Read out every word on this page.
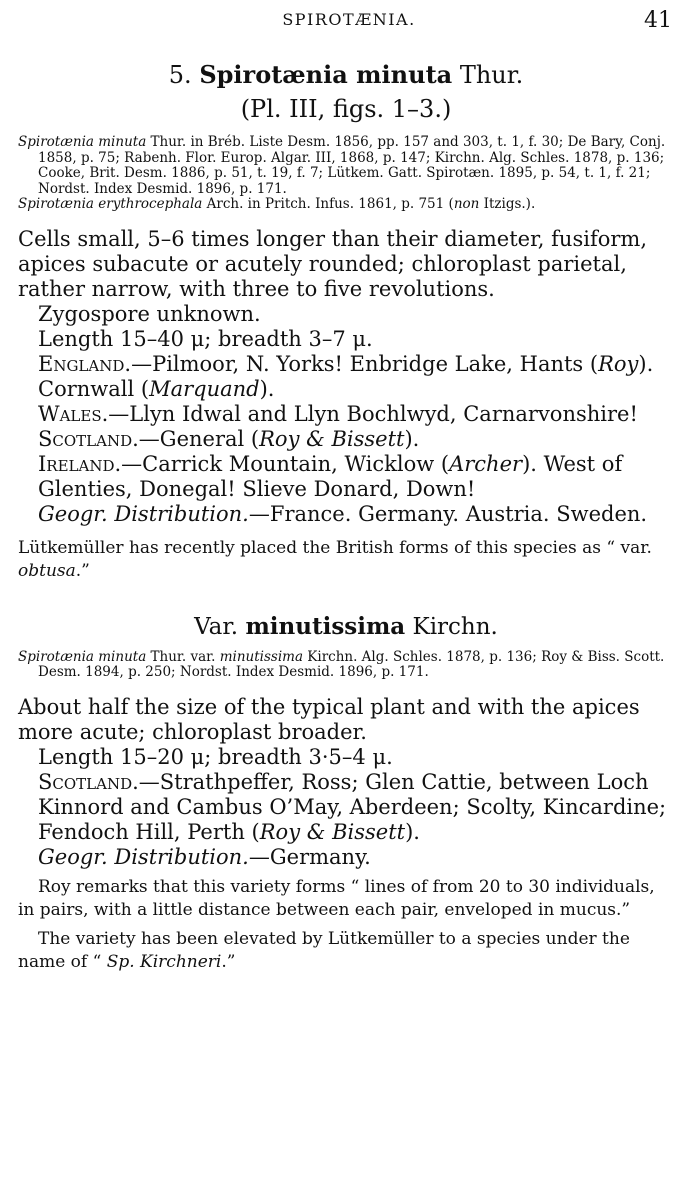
SPIROTÆNIA.	41
5. Spirotænia minuta Thur.
(Pl. III, figs. 1–3.)

Spirotænia minuta Thur. in Bréb. Liste Desm. 1856, pp. 157 and 303, t. 1, f. 30; De Bary, Conj. 1858, p. 75; Rabenh. Flor. Europ. Algar. III, 1868, p. 147; Kirchn. Alg. Schles. 1878, p. 136; Cooke, Brit. Desm. 1886, p. 51, t. 19, f. 7; Lütkem. Gatt. Spirotæn. 1895, p. 54, t. 1, f. 21; Nordst. Index Desmid. 1896, p. 171.

Spirotænia erythrocephala Arch. in Pritch. Infus. 1861, p. 751 (non Itzigs.).

Cells small, 5–6 times longer than their diameter, fusiform, apices subacute or acutely rounded; chloroplast parietal, rather narrow, with three to five revolutions.

Zygospore unknown.

Length 15–40 μ; breadth 3–7 μ.

England.—Pilmoor, N. Yorks! Enbridge Lake, Hants (Roy). Cornwall (Marquand).

Wales.—Llyn Idwal and Llyn Bochlwyd, Carnarvonshire!

Scotland.—General (Roy & Bissett).

Ireland.—Carrick Mountain, Wicklow (Archer). West of Glenties, Donegal! Slieve Donard, Down!

Geogr. Distribution.—France. Germany. Austria. Sweden.

Lütkemüller has recently placed the British forms of this species as “ var. obtusa.”

Var. minutissima Kirchn.

Spirotænia minuta Thur. var. minutissima Kirchn. Alg. Schles. 1878, p. 136; Roy & Biss. Scott. Desm. 1894, p. 250; Nordst. Index Desmid. 1896, p. 171.

About half the size of the typical plant and with the apices more acute; chloroplast broader.

Length 15–20 μ; breadth 3·5–4 μ.

Scotland.—Strathpeffer, Ross; Glen Cattie, between Loch Kinnord and Cambus O’May, Aberdeen; Scolty, Kincardine; Fendoch Hill, Perth (Roy & Bissett).

Geogr. Distribution.—Germany.

Roy remarks that this variety forms “ lines of from 20 to 30 individuals, in pairs, with a little distance between each pair, enveloped in mucus.”

The variety has been elevated by Lütkemüller to a species under the name of “ Sp. Kirchneri.”
